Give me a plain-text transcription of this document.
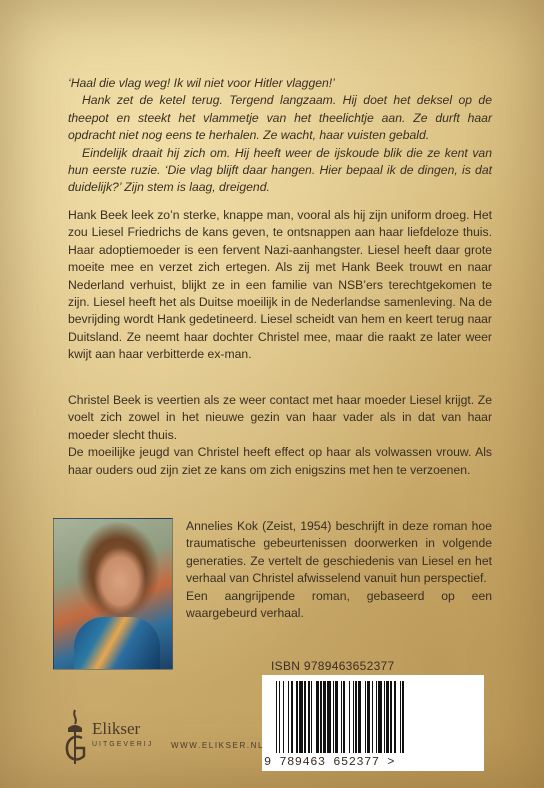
‘Haal die vlag weg! Ik wil niet voor Hitler vlaggen!’

Hank zet de ketel terug. Tergend langzaam. Hij doet het deksel op de theepot en steekt het vlammetje van het theelichtje aan. Ze durft haar opdracht niet nog eens te herhalen. Ze wacht, haar vuisten gebald.

Eindelijk draait hij zich om. Hij heeft weer de ijskoude blik die ze kent van hun eerste ruzie. ‘Die vlag blijft daar hangen. Hier bepaal ik de dingen, is dat duidelijk?’ Zijn stem is laag, dreigend.

Hank Beek leek zo’n sterke, knappe man, vooral als hij zijn uniform droeg. Het zou Liesel Friedrichs de kans geven, te ontsnappen aan haar liefdeloze thuis. Haar adoptiemoeder is een fervent Nazi-aanhangster. Liesel heeft daar grote moeite mee en verzet zich ertegen. Als zij met Hank Beek trouwt en naar Nederland verhuist, blijkt ze in een familie van NSB’ers terechtgekomen te zijn. Liesel heeft het als Duitse moeilijk in de Nederlandse samenleving. Na de bevrijding wordt Hank gedetineerd. Liesel scheidt van hem en keert terug naar Duitsland. Ze neemt haar dochter Christel mee, maar die raakt ze later weer kwijt aan haar verbitterde ex-man.

Christel Beek is veertien als ze weer contact met haar moeder Liesel krijgt. Ze voelt zich zowel in het nieuwe gezin van haar vader als in dat van haar moeder slecht thuis.

De moeilijke jeugd van Christel heeft effect op haar als volwassen vrouw. Als haar ouders oud zijn ziet ze kans om zich enigszins met hen te verzoenen.

Annelies Kok (Zeist, 1954) beschrijft in deze roman hoe traumatische gebeurtenissen doorwerken in volgende generaties. Ze vertelt de geschiedenis van Liesel en het verhaal van Christel afwisselend vanuit hun perspectief.

Een aangrijpende roman, gebaseerd op een waargebeurd verhaal.

ISBN 9789463652377
9 789463 652377 >
Elikser
UITGEVERIJ WWW.ELIKSER.NL
